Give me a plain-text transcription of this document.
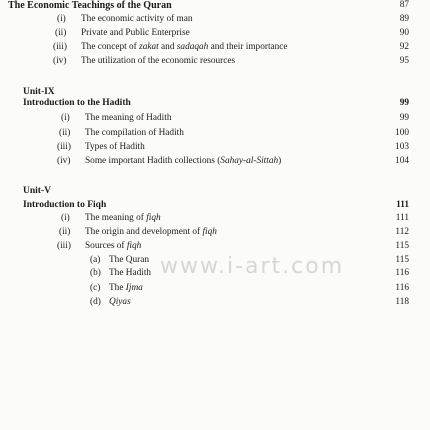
The Economic Teachings of the Quran	87
(i) The economic activity of man	89
(ii) Private and Public Enterprise	90
(iii) The concept of zakat and sadaqah and their importance	92
(iv) The utilization of the economic resources	95
Unit-IX
Introduction to the Hadith	99
(i) The meaning of Hadith	99
(ii) The compilation of Hadith	100
(iii) Types of Hadith	103
(iv) Some important Hadith collections (Sahay-al-Sittah)	104
Unit-V
Introduction to Fiqh	111
(i) The meaning of fiqh	111
(ii) The origin and development of fiqh	112
(iii) Sources of fiqh	115
(a) The Quran	115
(b) The Hadith	116
(c) The Ijma	116
(d) Qiyas	118
www.i-art.com
